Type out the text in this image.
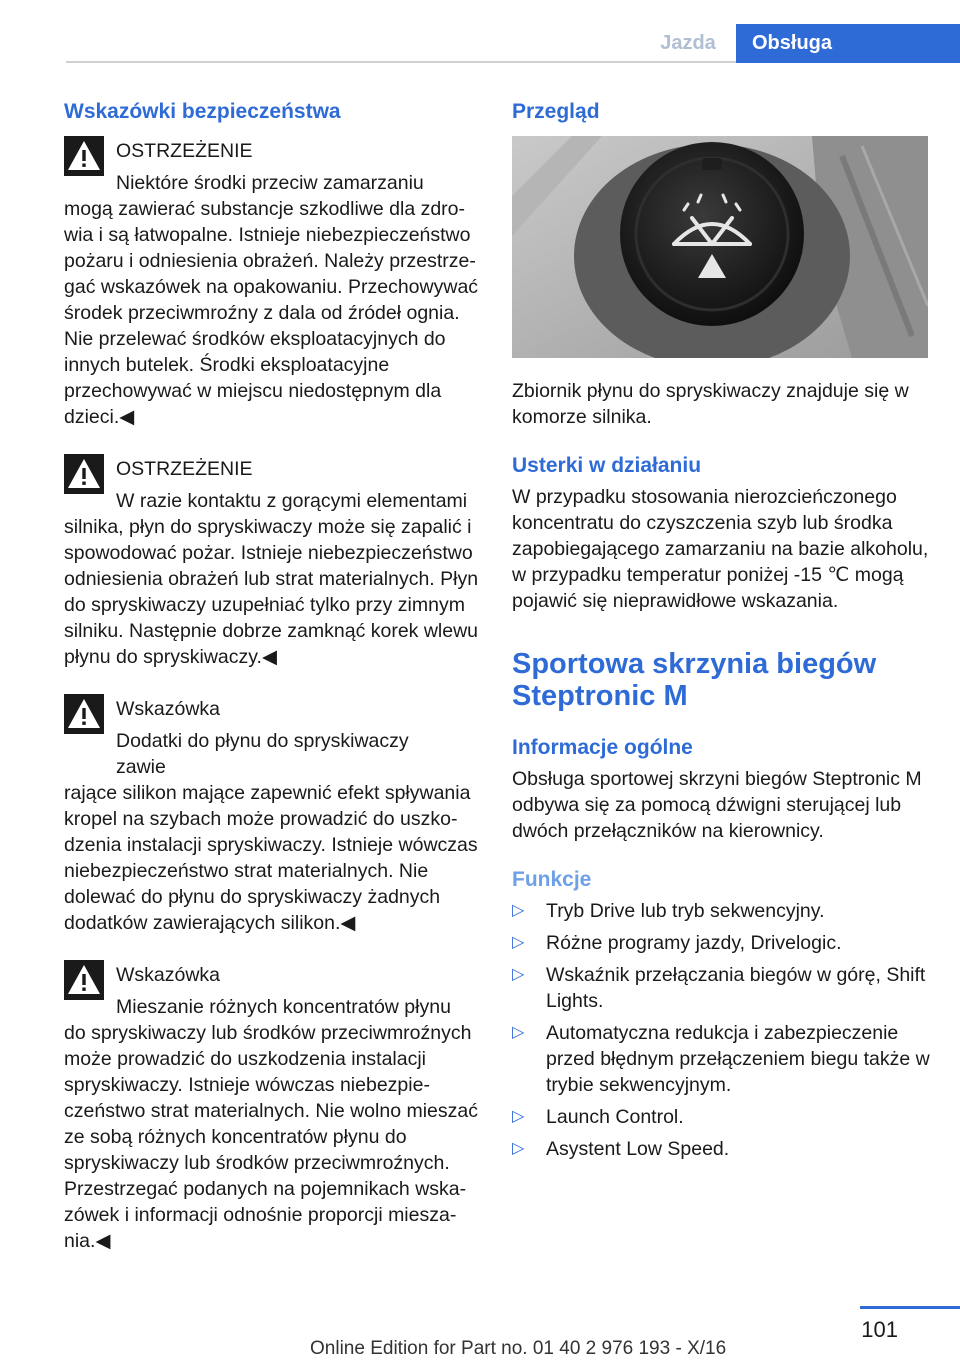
Jazda	Obsługa
Wskazówki bezpieczeństwa
OSTRZEŻENIE
Niektóre środki przeciw zamarzaniu

mogą zawierać substancje szkodliwe dla zdrowia i są łatwopalne. Istnieje niebezpieczeństwo pożaru i odniesienia obrażeń. Należy przestrzegać wskazówek na opakowaniu. Przechowywać środek przeciwmroźny z dala od źródeł ognia. Nie przelewać środków eksploatacyjnych do innych butelek. Środki eksploatacyjne przechowywać w miejscu niedostępnym dla dzieci.◀

OSTRZEŻENIE
W razie kontaktu z gorącymi elementami

silnika, płyn do spryskiwaczy może się zapalić i spowodować pożar. Istnieje niebezpieczeństwo odniesienia obrażeń lub strat materialnych. Płyn do spryskiwaczy uzupełniać tylko przy zimnym silniku. Następnie dobrze zamknąć korek wlewu płynu do spryskiwaczy.◀

Wskazówka
Dodatki do płynu do spryskiwaczy zawie

rające silikon mające zapewnić efekt spływania kropel na szybach może prowadzić do uszkodzenia instalacji spryskiwaczy. Istnieje wówczas niebezpieczeństwo strat materialnych. Nie dolewać do płynu do spryskiwaczy żadnych dodatków zawierających silikon.◀

Wskazówka
Mieszanie różnych koncentratów płynu

do spryskiwaczy lub środków przeciwmroźnych może prowadzić do uszkodzenia instalacji spryskiwaczy. Istnieje wówczas niebezpieczeństwo strat materialnych. Nie wolno mieszać ze sobą różnych koncentratów płynu do spryskiwaczy lub środków przeciwmroźnych. Przestrzegać podanych na pojemnikach wskazówek i informacji odnośnie proporcji mieszania.◀

Przegląd

Zbiornik płynu do spryskiwaczy znajduje się w komorze silnika.

Usterki w działaniu

W przypadku stosowania nierozcieńczonego koncentratu do czyszczenia szyb lub środka zapobiegającego zamarzaniu na bazie alkoholu, w przypadku temperatur poniżej -15 ℃ mogą pojawić się nieprawidłowe wskazania.

Sportowa skrzynia biegów Steptronic M
Informacje ogólne

Obsługa sportowej skrzyni biegów Steptronic M odbywa się za pomocą dźwigni sterującej lub dwóch przełączników na kierownicy.

Funkcje
▷	Tryb Drive lub tryb sekwencyjny.
▷	Różne programy jazdy, Drivelogic.
▷	Wskaźnik przełączania biegów w górę, Shift Lights.
▷	Automatyczna redukcja i zabezpieczenie przed błędnym przełączeniem biegu także w trybie sekwencyjnym.
▷	Launch Control.
▷	Asystent Low Speed.
101
Online Edition for Part no. 01 40 2 976 193 - X/16
